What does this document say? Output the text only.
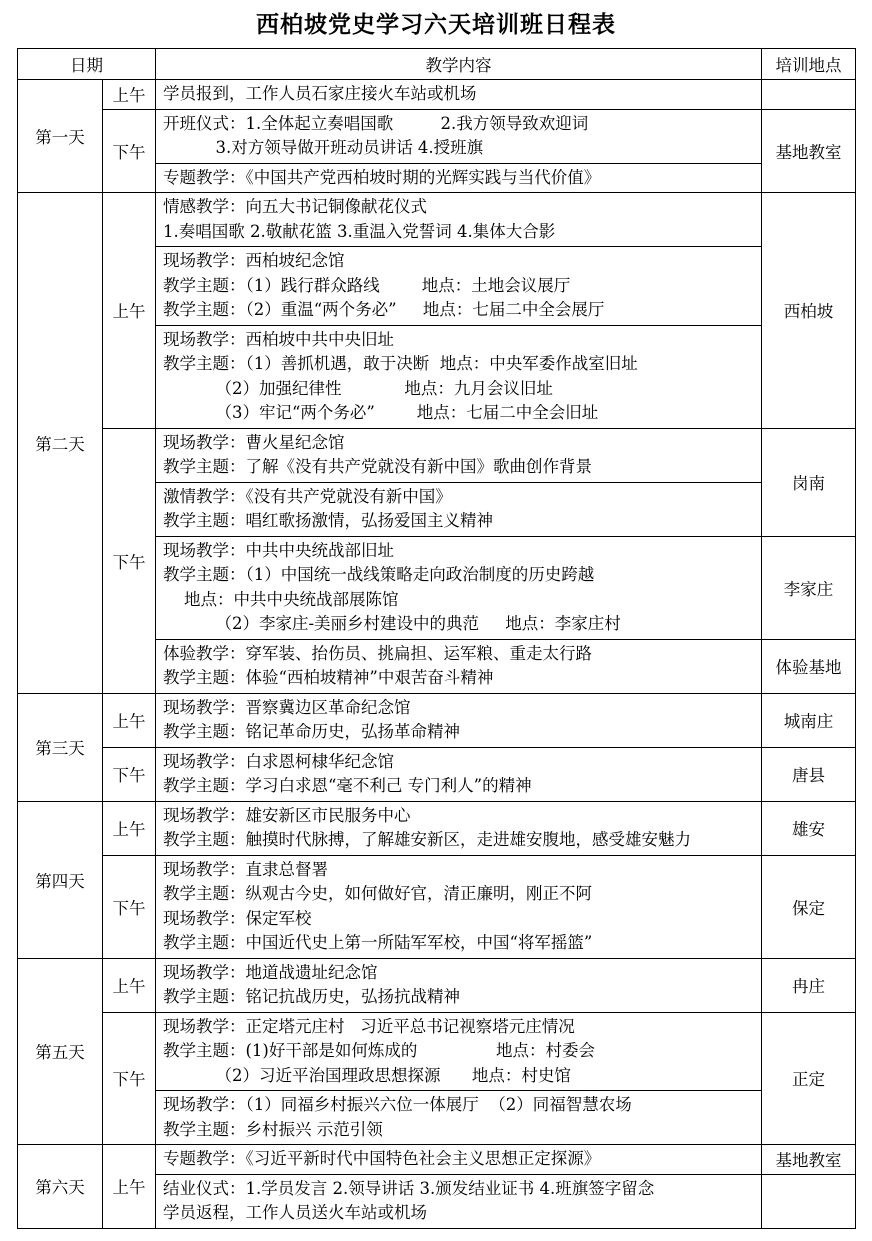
西柏坡党史学习六天培训班日程表
日期		教学内容	培训地点
第一天	上午	学员报到，工作人员石家庄接火车站或机场	

	下午	开班仪式：1.全体起立奏唱国歌         2.我方领导致欢迎词
3.对方领导做开班动员讲话 4.授班旗	基地教室

		专题教学：《中国共产党西柏坡时期的光辉实践与当代价值》	

第二天	上午	情感教学：向五大书记铜像献花仪式
1.奏唱国歌 2.敬献花篮 3.重温入党誓词 4.集体大合影	西柏坡

		现场教学：西柏坡纪念馆
教学主题：（1）践行群众路线        地点：土地会议展厅
教学主题：（2）重温“两个务必”     地点：七届二中全会展厅	

		现场教学：西柏坡中共中央旧址
教学主题：（1）善抓机遇，敢于决断  地点：中央军委作战室旧址
（2）加强纪律性            地点：九月会议旧址
（3）牢记“两个务必”        地点：七届二中全会旧址	

	下午	现场教学：曹火星纪念馆
教学主题：了解《没有共产党就没有新中国》歌曲创作背景	岗南

		激情教学：《没有共产党就没有新中国》
教学主题：唱红歌扬激情，弘扬爱国主义精神	

		现场教学：中共中央统战部旧址
教学主题：（1）中国统一战线策略走向政治制度的历史跨越
地点：中共中央统战部展陈馆
（2）李家庄-美丽乡村建设中的典范     地点：李家庄村	李家庄

		体验教学：穿军装、抬伤员、挑扁担、运军粮、重走太行路
教学主题：体验“西柏坡精神”中艰苦奋斗精神	体验基地
第三天	上午	现场教学：晋察冀边区革命纪念馆
教学主题：铭记革命历史，弘扬革命精神	城南庄
	下午	现场教学：白求恩柯棣华纪念馆
教学主题：学习白求恩“毫不利己 专门利人”的精神	唐县
第四天	上午	现场教学：雄安新区市民服务中心
教学主题：触摸时代脉搏，了解雄安新区，走进雄安腹地，感受雄安魅力	雄安
	下午	现场教学：直隶总督署
教学主题：纵观古今史，如何做好官，清正廉明，刚正不阿
现场教学：保定军校
教学主题：中国近代史上第一所陆军军校，中国“将军摇篮”	保定
第五天	上午	现场教学：地道战遗址纪念馆
教学主题：铭记抗战历史，弘扬抗战精神	冉庄
	下午	现场教学：正定塔元庄村   习近平总书记视察塔元庄情况
教学主题：(1)好干部是如何炼成的               地点：村委会
（2）习近平治国理政思想探源      地点：村史馆	正定

		现场教学：（1）同福乡村振兴六位一体展厅  （2）同福智慧农场
教学主题：乡村振兴 示范引领	

第六天	上午	专题教学：《习近平新时代中国特色社会主义思想正定探源》	基地教室

		结业仪式：1.学员发言 2.领导讲话 3.颁发结业证书 4.班旗签字留念
学员返程，工作人员送火车站或机场	
